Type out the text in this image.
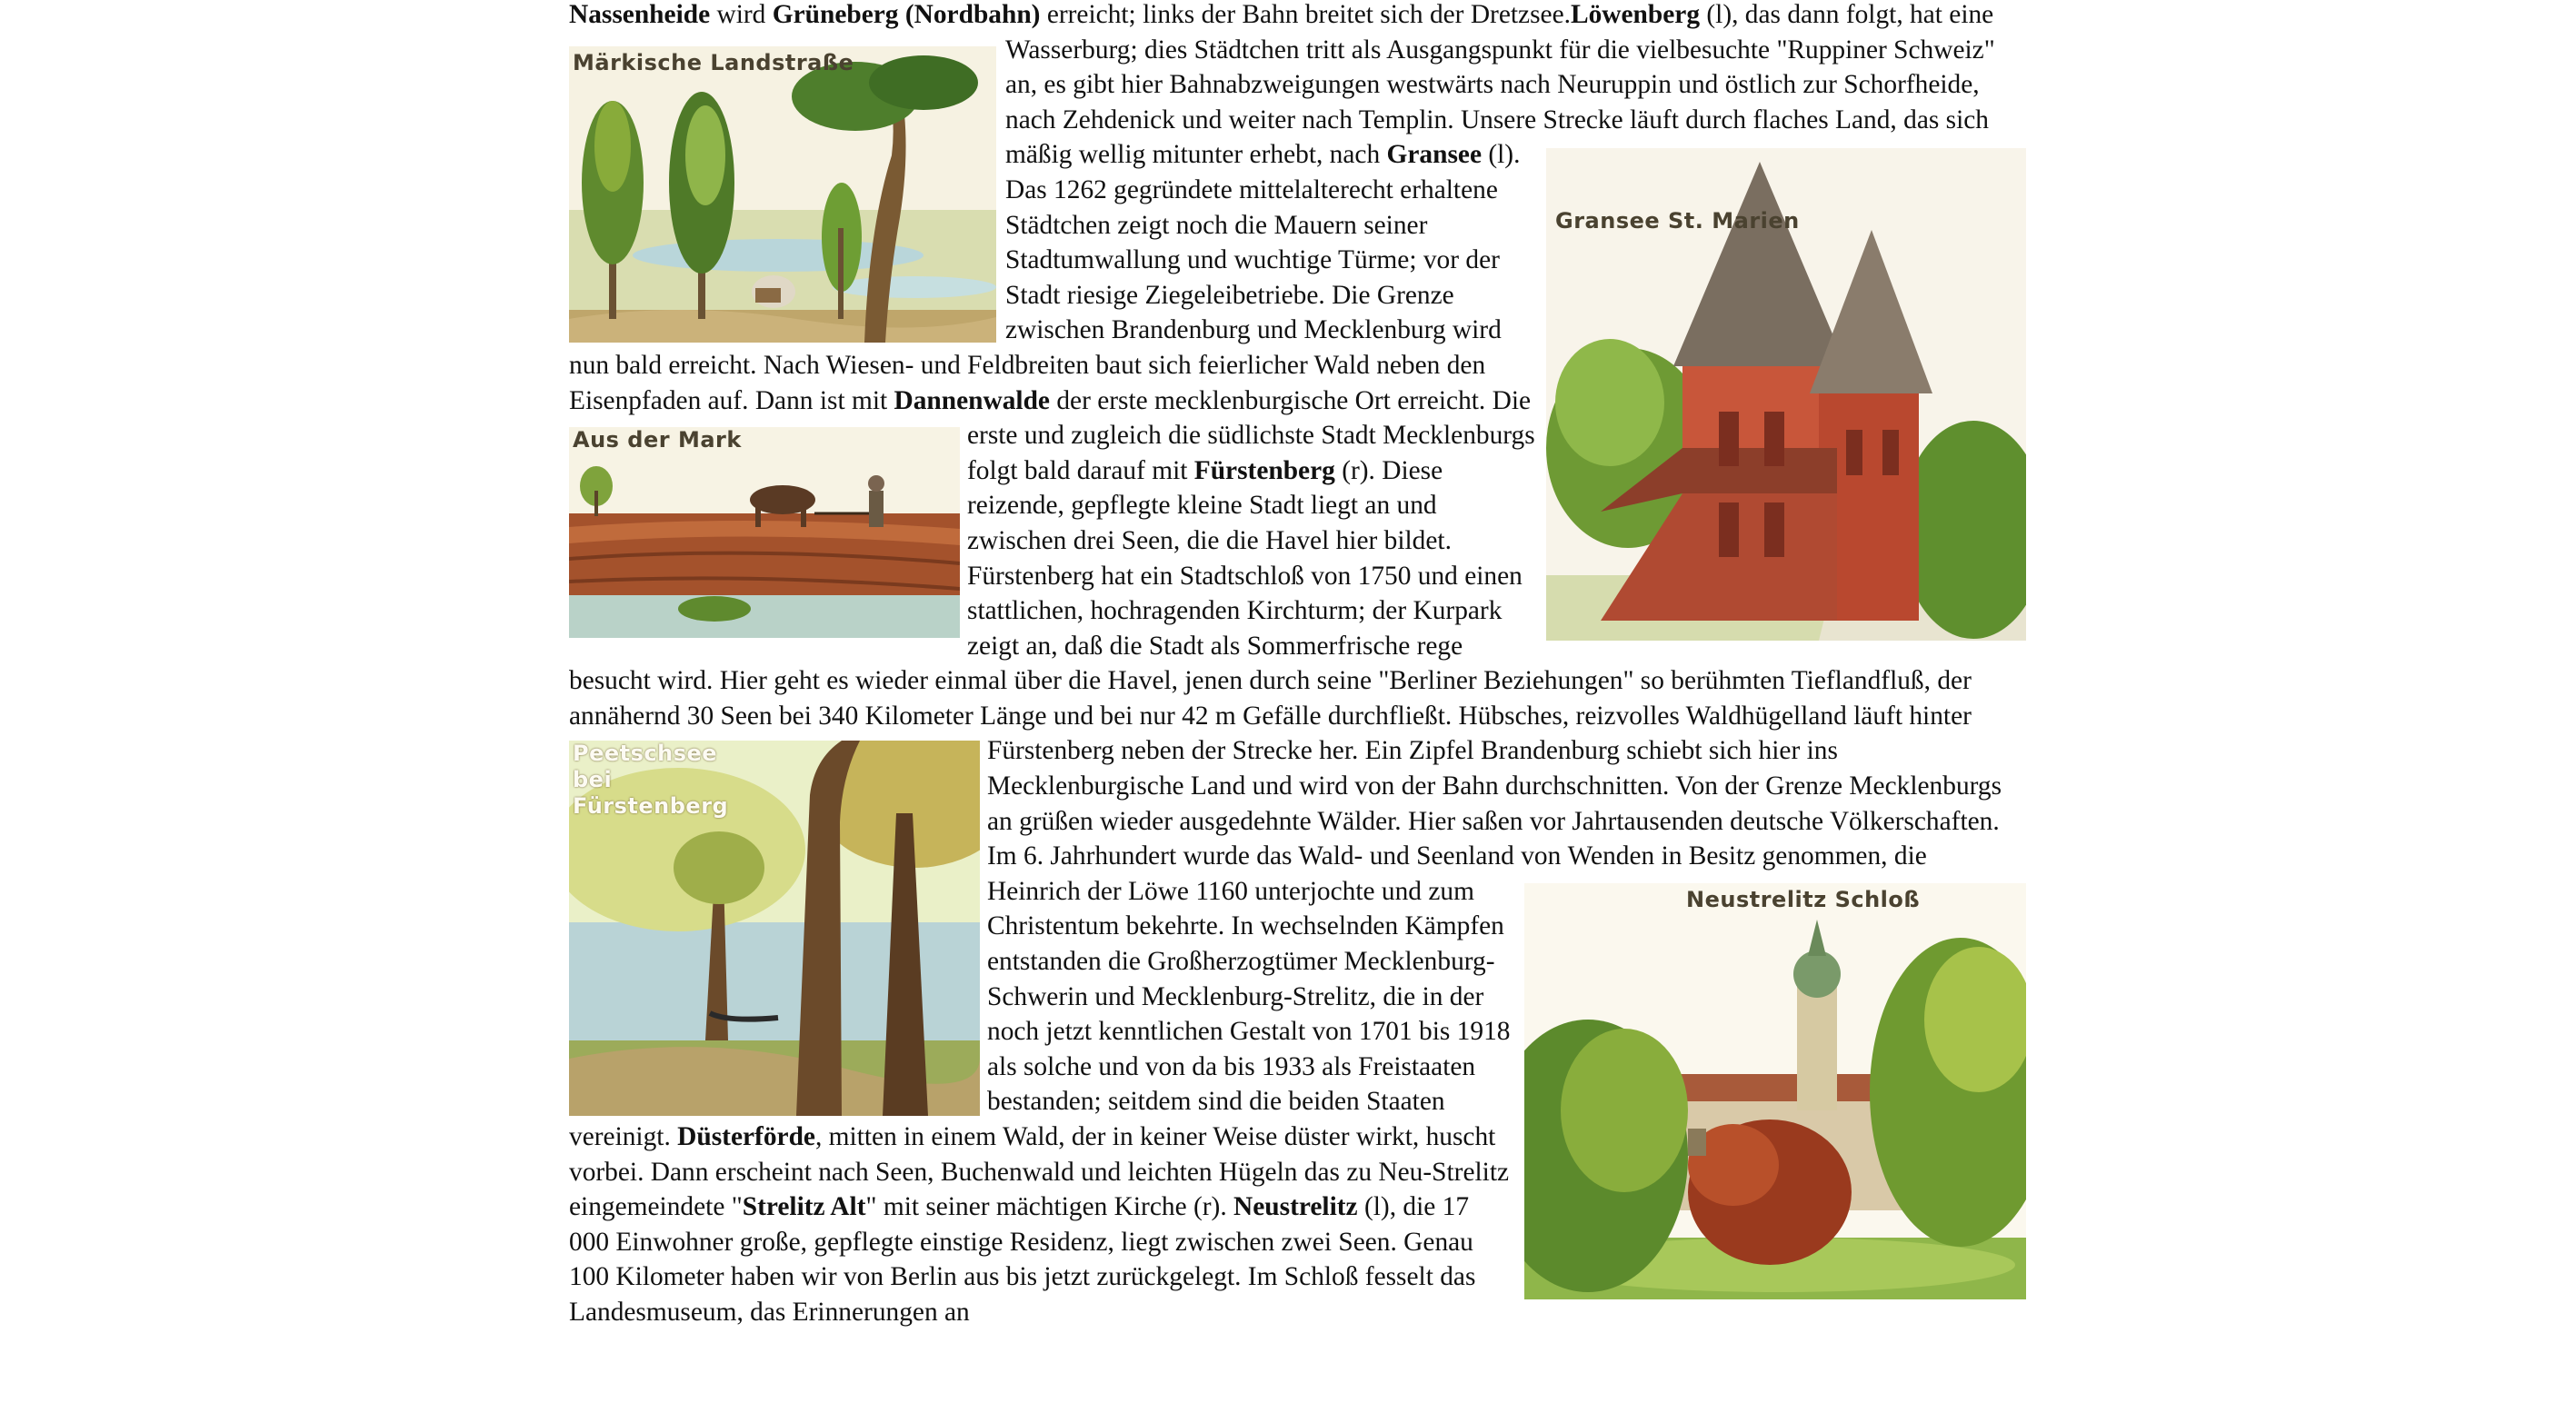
Nassenheide wird Grüneberg (Nordbahn) erreicht; links der Bahn breitet sich der Dretzsee.Löwenberg (l), das dann
Märkische Landstraße
folgt, hat eine Wasserburg; dies Städtchen tritt als Ausgangspunkt für die vielbesuchte "Ruppiner Schweiz" an, es gibt hier Bahnabzweigungen westwärts nach Neuruppin und östlich zur Schorfheide, nach Zehdenick und weiter nach Templin. Unsere Strecke läuft durch flaches Land, das sich mäßig wellig mitunter erhebt, nach Gransee
Gransee St. Marien
(l). Das 1262 gegründete mittelalterecht erhaltene Städtchen zeigt noch die Mauern seiner Stadtumwallung und wuchtige Türme; vor der Stadt riesige Ziegeleibetriebe. Die Grenze zwischen Brandenburg und Mecklenburg wird nun bald erreicht. Nach Wiesen- und Feldbreiten baut sich feierlicher Wald neben den Eisenpfaden auf. Dann ist mit Dannenwalde der erste mecklenburgische Ort erreicht. Die erste und zugleich die
Aus der Mark	südlichste Stadt Mecklenburgs folgt bald darauf mit Fürstenberg (r). Diese reizende, gepflegte kleine Stadt liegt an und zwischen drei Seen, die die Havel hier bildet. Fürstenberg hat ein Stadtschloß von 1750 und einen stattlichen, hochragenden Kirchturm; der Kurpark zeigt an, daß die Stadt als Sommerfrische rege besucht wird. Hier geht es wieder einmal über die Havel, jenen durch seine "Berliner Beziehungen" so berühmten Tieflandfluß, der annähernd 30 Seen bei 340 Kilometer Länge und bei nur 42 m Gefälle durchfließt. Hübsches, reizvolles Waldhügelland
Peetschsee
bei
Fürstenberg
läuft hinter Fürstenberg neben der Strecke her. Ein Zipfel Brandenburg schiebt sich hier ins Mecklenburgische Land und wird von der Bahn durchschnitten. Von der Grenze Mecklenburgs an grüßen wieder ausgedehnte Wälder. Hier saßen vor Jahrtausenden deutsche Völkerschaften. Im 6. Jahrhundert wurde das Wald- und Seenland von
Neustrelitz Schloß
Wenden in Besitz genommen, die Heinrich der Löwe 1160 unterjochte und zum Christentum bekehrte. In wechselnden Kämpfen entstanden die Großherzogtümer Mecklenburg-Schwerin und Mecklenburg-Strelitz, die in der noch jetzt kenntlichen Gestalt von 1701 bis 1918 als solche und von da bis 1933 als Freistaaten bestanden; seitdem sind die beiden Staaten vereinigt. Düsterförde, mitten in einem Wald, der in keiner Weise düster wirkt, huscht vorbei. Dann erscheint nach Seen, Buchenwald und leichten Hügeln das zu Neu-Strelitz eingemeindete "Strelitz Alt" mit seiner mächtigen Kirche (r). Neustrelitz (l), die 17 000 Einwohner große, gepflegte einstige Residenz, liegt zwischen zwei Seen. Genau 100 Kilometer haben wir von Berlin aus bis jetzt zurückgelegt. Im Schloß fesselt das Landesmuseum, das Erinnerungen an
